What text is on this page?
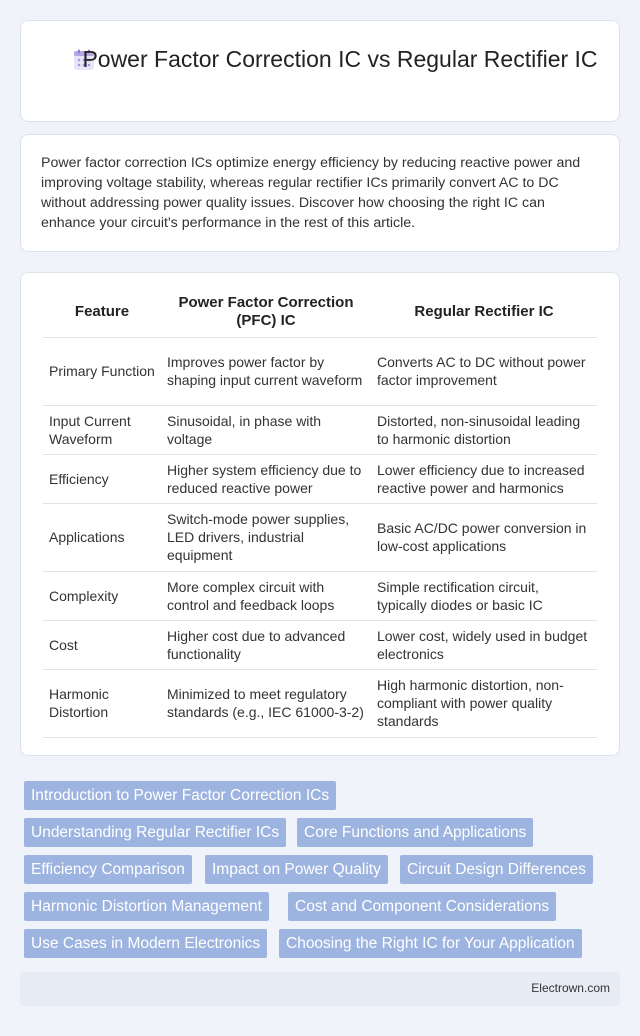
Power Factor Correction IC vs Regular Rectifier IC

Power factor correction ICs optimize energy efficiency by reducing reactive power and improving voltage stability, whereas regular rectifier ICs primarily convert AC to DC without addressing power quality issues. Discover how choosing the right IC can enhance your circuit's performance in the rest of this article.

Feature	Power Factor Correction (PFC) IC	Regular Rectifier IC
Primary Function	Improves power factor by shaping input current waveform	Converts AC to DC without power factor improvement
Input Current Waveform	Sinusoidal, in phase with voltage	Distorted, non-sinusoidal leading to harmonic distortion
Efficiency	Higher system efficiency due to reduced reactive power	Lower efficiency due to increased reactive power and harmonics
Applications	Switch-mode power supplies, LED drivers, industrial equipment	Basic AC/DC power conversion in low-cost applications
Complexity	More complex circuit with control and feedback loops	Simple rectification circuit, typically diodes or basic IC
Cost	Higher cost due to advanced functionality	Lower cost, widely used in budget electronics
Harmonic Distortion	Minimized to meet regulatory standards (e.g., IEC 61000-3-2)	High harmonic distortion, non-compliant with power quality standards
Introduction to Power Factor Correction ICs
Understanding Regular Rectifier ICs	Core Functions and Applications
Efficiency Comparison	Impact on Power Quality	Circuit Design Differences
Harmonic Distortion Management	Cost and Component Considerations
Use Cases in Modern Electronics	Choosing the Right IC for Your Application
Electrown.com
